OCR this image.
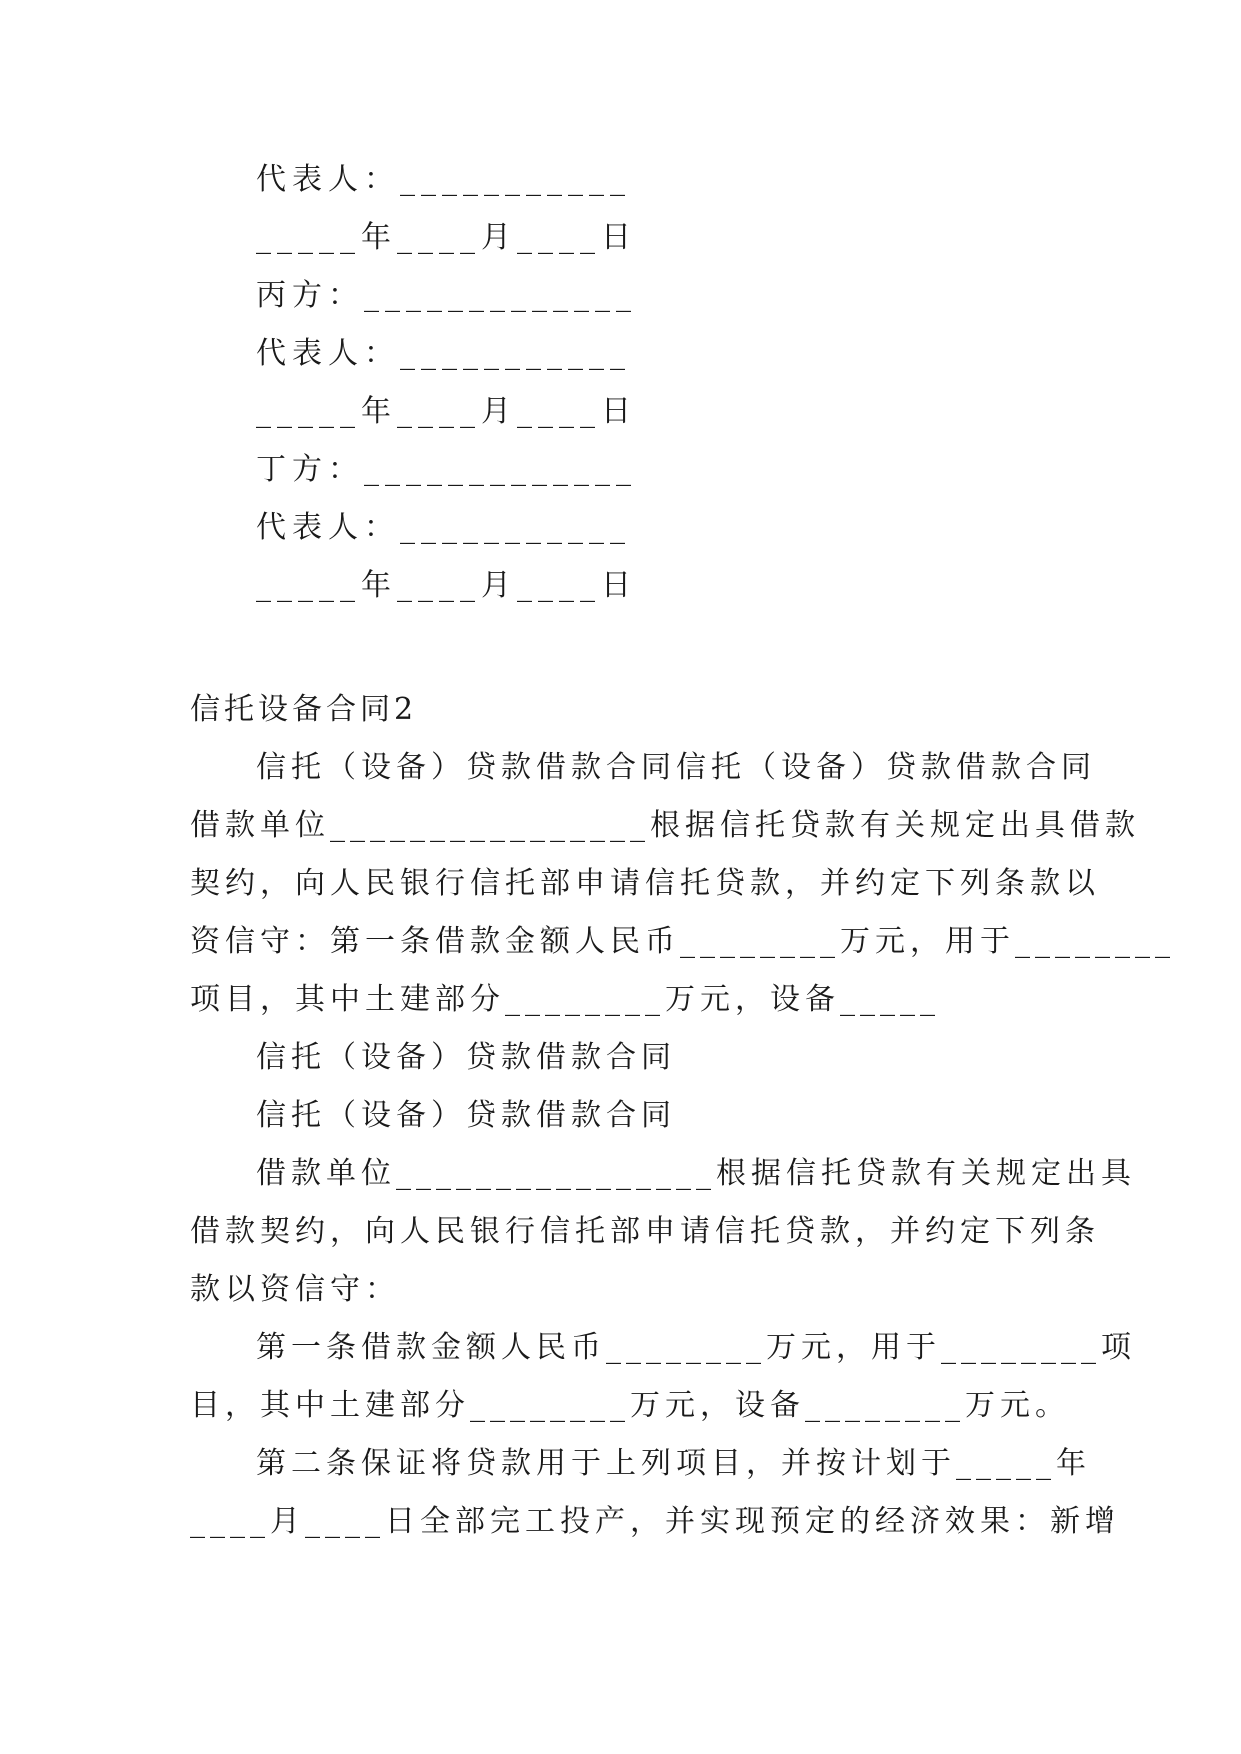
代表人：___________

_____年____月____日

丙方：_____________

代表人：___________

_____年____月____日

丁方：_____________

代表人：___________

_____年____月____日

信托设备合同2

信托（设备）贷款借款合同信托（设备）贷款借款合同

借款单位________________根据信托贷款有关规定出具借款

契约，向人民银行信托部申请信托贷款，并约定下列条款以

资信守：第一条借款金额人民币________万元，用于________

项目，其中土建部分________万元，设备_____

信托（设备）贷款借款合同

信托（设备）贷款借款合同

借款单位________________根据信托贷款有关规定出具

借款契约，向人民银行信托部申请信托贷款，并约定下列条

款以资信守：

第一条借款金额人民币________万元，用于________项

目，其中土建部分________万元，设备________万元。

第二条保证将贷款用于上列项目，并按计划于_____年

____月____日全部完工投产，并实现预定的经济效果：新增
